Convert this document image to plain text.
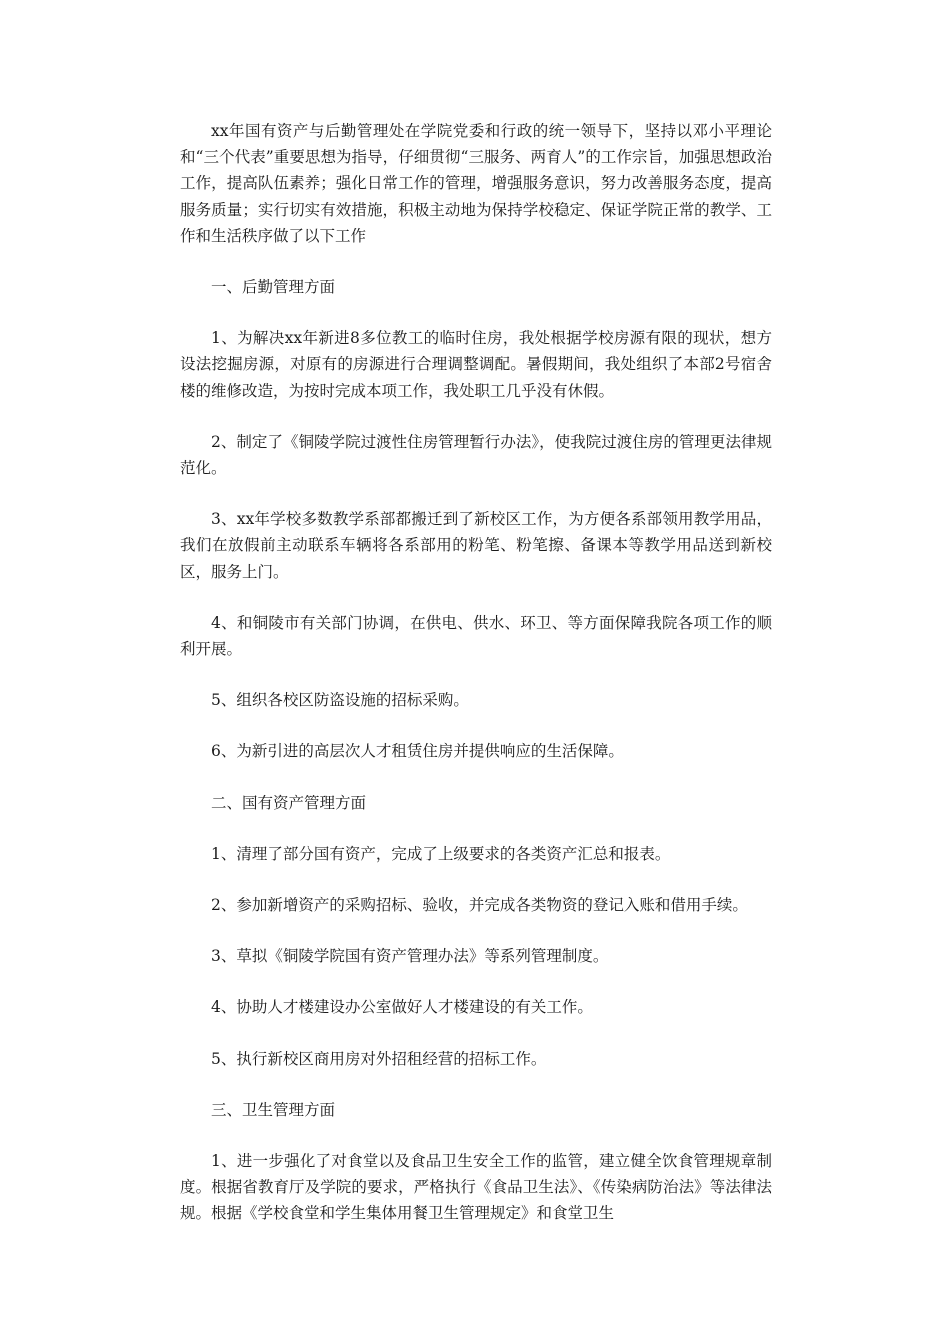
xx年国有资产与后勤管理处在学院党委和行政的统一领导下，坚持以邓小平理论和“三个代表”重要思想为指导，仔细贯彻“三服务、两育人”的工作宗旨，加强思想政治工作，提高队伍素养；强化日常工作的管理，增强服务意识，努力改善服务态度，提高服务质量；实行切实有效措施，积极主动地为保持学校稳定、保证学院正常的教学、工作和生活秩序做了以下工作

一、后勤管理方面

1、为解决xx年新进8多位教工的临时住房，我处根据学校房源有限的现状，想方设法挖掘房源，对原有的房源进行合理调整调配。暑假期间，我处组织了本部2号宿舍楼的维修改造，为按时完成本项工作，我处职工几乎没有休假。

2、制定了《铜陵学院过渡性住房管理暂行办法》，使我院过渡住房的管理更法律规范化。

3、xx年学校多数教学系部都搬迁到了新校区工作，为方便各系部领用教学用品，我们在放假前主动联系车辆将各系部用的粉笔、粉笔擦、备课本等教学用品送到新校区，服务上门。

4、和铜陵市有关部门协调，在供电、供水、环卫、等方面保障我院各项工作的顺利开展。

5、组织各校区防盗设施的招标采购。

6、为新引进的高层次人才租赁住房并提供响应的生活保障。

二、国有资产管理方面

1、清理了部分国有资产，完成了上级要求的各类资产汇总和报表。

2、参加新增资产的采购招标、验收，并完成各类物资的登记入账和借用手续。

3、草拟《铜陵学院国有资产管理办法》等系列管理制度。

4、协助人才楼建设办公室做好人才楼建设的有关工作。

5、执行新校区商用房对外招租经营的招标工作。

三、卫生管理方面

1、进一步强化了对食堂以及食品卫生安全工作的监管，建立健全饮食管理规章制度。根据省教育厅及学院的要求，严格执行《食品卫生法》、《传染病防治法》等法律法规。根据《学校食堂和学生集体用餐卫生管理规定》和食堂卫生
